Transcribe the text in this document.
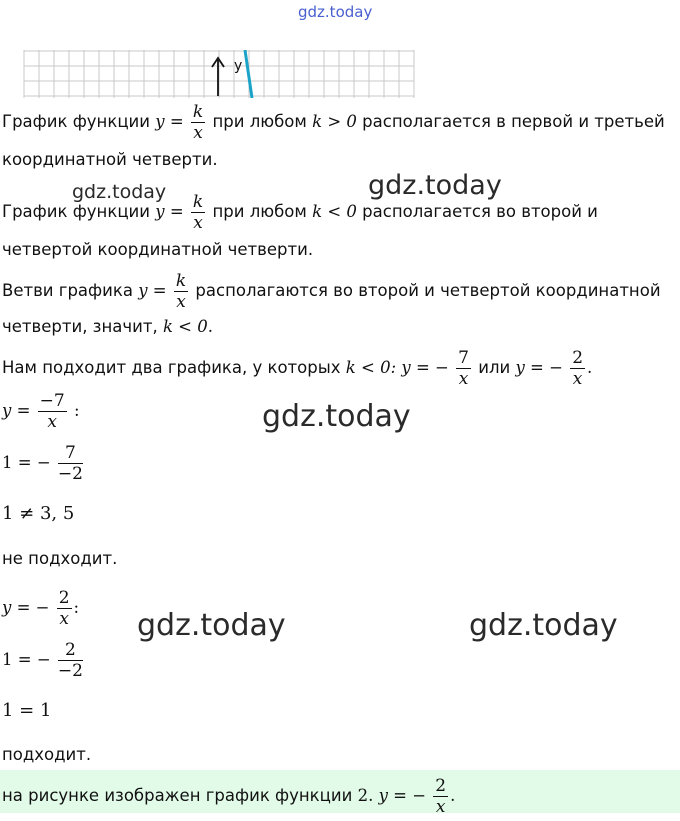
gdz.today
y
График функции $y = \frac{k}{x}$ при любом k > 0 располагается в первой и третьей
координатной четверти.
gdz.today	gdz.today
График функции $y = \frac{k}{x}$ при любом k < 0 располагается во второй и
четвертой координатной четверти.
Ветви графика $y = \frac{k}{x}$ располагаются во второй и четвертой координатной
четверти, значит, k < 0.
Нам подходит два графика, у которых k < 0: y = − $\frac{7}{x}$ или y = − $\frac{2}{x}$ .
$y = \frac{-7}{x}$ :	gdz.today
1 = − $\frac{7}{-2}$
1 ≠ 3, 5
не подходит.
y = − $\frac{2}{x}$ :
gdz.today	gdz.today
1 = − $\frac{2}{-2}$
1 = 1
подходит.
на рисунке изображен график функции 2. y = − $\frac{2}{x}$ .
